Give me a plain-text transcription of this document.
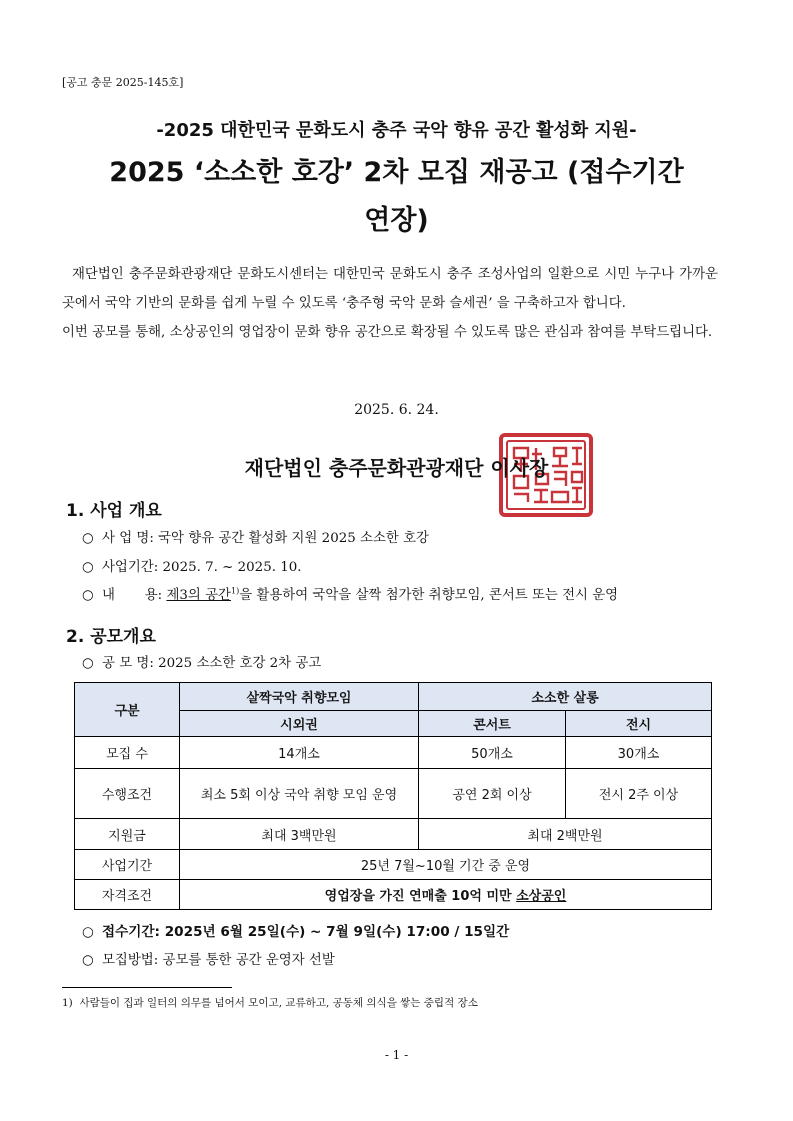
[공고 충문 2025-145호]
-2025 대한민국 문화도시 충주 국악 향유 공간 활성화 지원-
2025 ‘소소한 호강’ 2차 모집 재공고 (접수기간
연장)

재단법인 충주문화관광재단 문화도시센터는 대한민국 문화도시 충주 조성사업의 일환으로 시민 누구나 가까운 곳에서 국악 기반의 문화를 쉽게 누릴 수 있도록 ‘충주형 국악 문화 슬세권’ 을 구축하고자 합니다.

이번 공모를 통해, 소상공인의 영업장이 문화 향유 공간으로 확장될 수 있도록 많은 관심과 참여를 부탁드립니다.

2025. 6. 24.
재단법인 충주문화관광재단 이사장
1. 사업 개요
○ 사 업 명: 국악 향유 공간 활성화 지원 2025 소소한 호강
○ 사업기간: 2025. 7. ~ 2025. 10.
○ 내       용: 제3의 공간$^{1)}$을 활용하여 국악을 살짝 첨가한 취향모임, 콘서트 또는 전시 운영
2. 공모개요
○ 공 모 명: 2025 소소한 호강 2차 공고
구분	살짝국악 취향모임	소소한 살롱	
	시외권	콘서트	전시
모집 수	14개소	50개소	30개소
수행조건	최소 5회 이상 국악 취향 모임 운영	공연 2회 이상	전시 2주 이상
지원금	최대 3백만원	최대 2백만원	
사업기간	25년 7월~10월 기간 중 운영		
자격조건	영업장을 가진 연매출 10억 미만 소상공인		
○ 접수기간: 2025년 6월 25일(수) ~ 7월 9일(수) 17:00 / 15일간
○ 모집방법: 공모를 통한 공간 운영자 선발
1)  사람들이 집과 일터의 의무를 넘어서 모이고, 교류하고, 공동체 의식을 쌓는 중립적 장소
- 1 -
